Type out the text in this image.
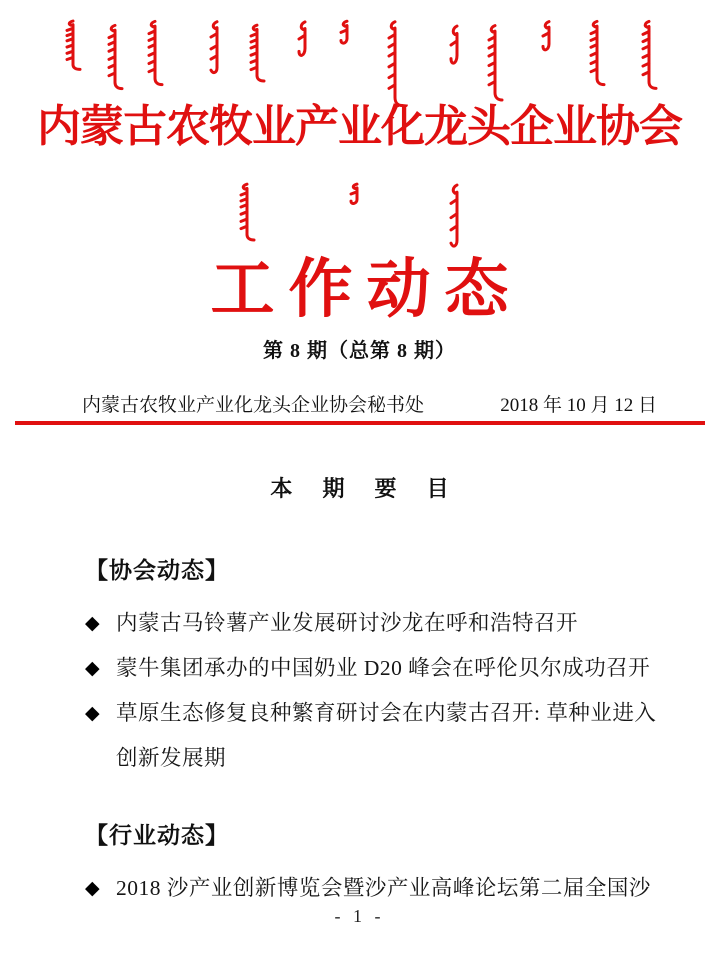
内蒙古农牧业产业化龙头企业协会
工作动态
第 8 期（总第 8 期）
内蒙古农牧业产业化龙头企业协会秘书处	2018 年 10 月 12 日
本 期 要 目
【协会动态】
◆ 内蒙古马铃薯产业发展研讨沙龙在呼和浩特召开
◆ 蒙牛集团承办的中国奶业 D20 峰会在呼伦贝尔成功召开
◆ 草原生态修复良种繁育研讨会在内蒙古召开: 草种业进入创新发展期
【行业动态】
◆ 2018 沙产业创新博览会暨沙产业高峰论坛第二届全国沙
- 1 -
